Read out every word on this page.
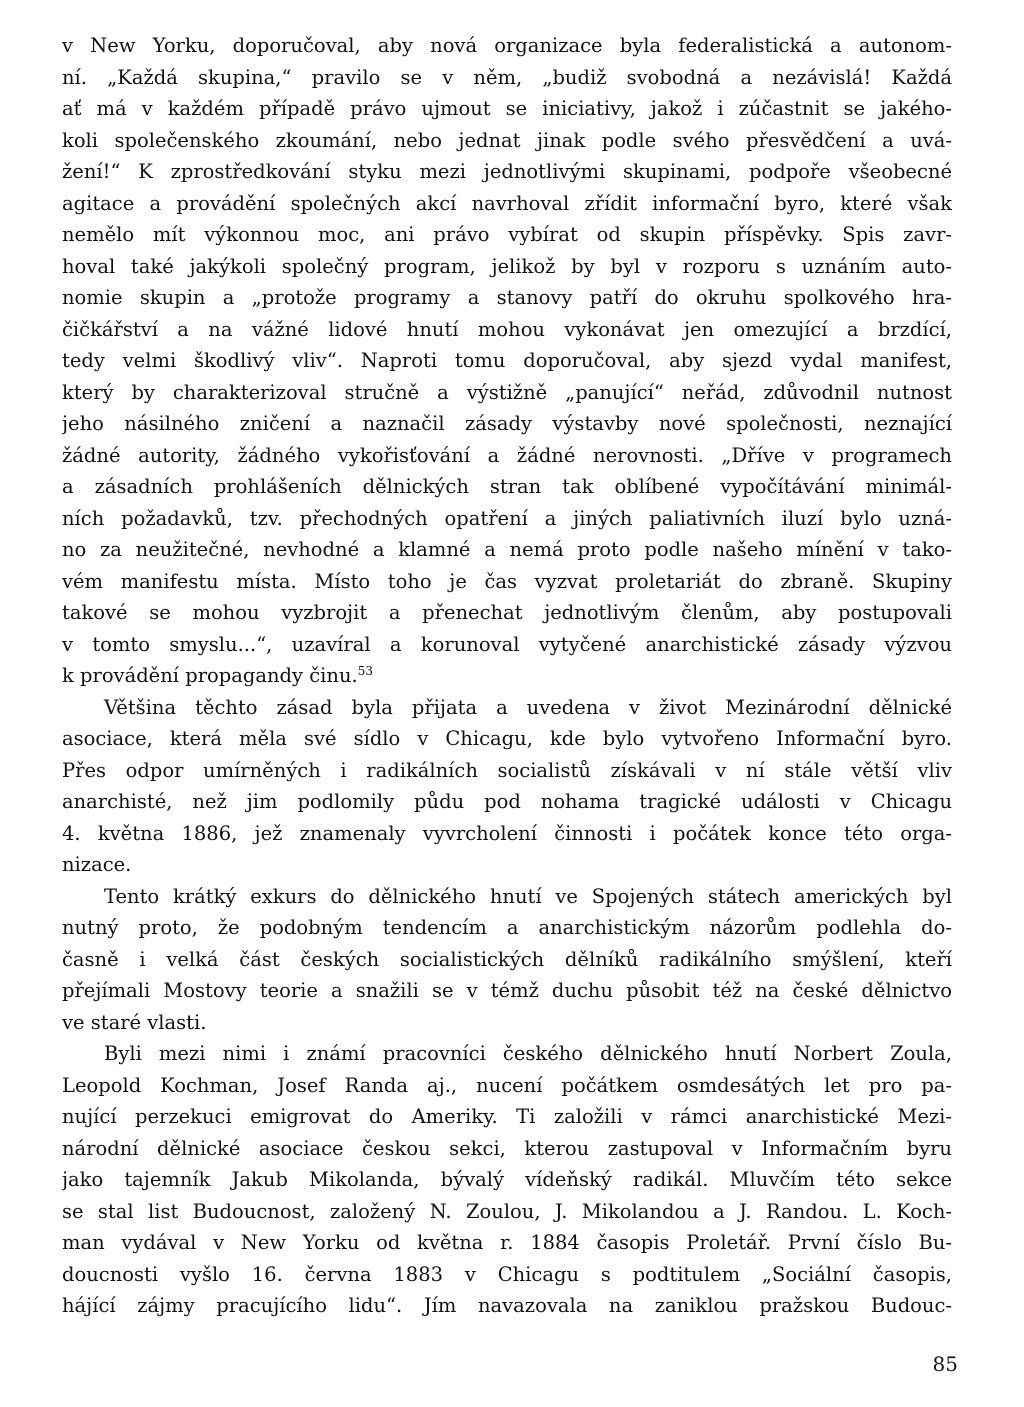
v New Yorku, doporučoval, aby nová organizace byla federalistická a autonom-
ní. „Každá skupina,“ pravilo se v něm, „budiž svobodná a nezávislá! Každá
ať má v každém případě právo ujmout se iniciativy, jakož i zúčastnit se jakého-
koli společenského zkoumání, nebo jednat jinak podle svého přesvědčení a uvá-
žení!“ K zprostředkování styku mezi jednotlivými skupinami, podpoře všeobecné
agitace a provádění společných akcí navrhoval zřídit informační byro, které však
nemělo mít výkonnou moc, ani právo vybírat od skupin příspěvky. Spis zavr-
hoval také jakýkoli společný program, jelikož by byl v rozporu s uznáním auto-
nomie skupin a „protože programy a stanovy patří do okruhu spolkového hra-
čičkářství a na vážné lidové hnutí mohou vykonávat jen omezující a brzdící,
tedy velmi škodlivý vliv“. Naproti tomu doporučoval, aby sjezd vydal manifest,
který by charakterizoval stručně a výstižně „panující“ neřád, zdůvodnil nutnost
jeho násilného zničení a naznačil zásady výstavby nové společnosti, neznající
žádné autority, žádného vykořisťování a žádné nerovnosti. „Dříve v programech
a zásadních prohlášeních dělnických stran tak oblíbené vypočítávání minimál-
ních požadavků, tzv. přechodných opatření a jiných paliativních iluzí bylo uzná-
no za neužitečné, nevhodné a klamné a nemá proto podle našeho mínění v tako-
vém manifestu místa. Místo toho je čas vyzvat proletariát do zbraně. Skupiny
takové se mohou vyzbrojit a přenechat jednotlivým členům, aby postupovali
v tomto smyslu...“, uzavíral a korunoval vytyčené anarchistické zásady výzvou
k provádění propagandy činu.$^{53}$
Většina těchto zásad byla přijata a uvedena v život Mezinárodní dělnické
asociace, která měla své sídlo v Chicagu, kde bylo vytvořeno Informační byro.
Přes odpor umírněných i radikálních socialistů získávali v ní stále větší vliv
anarchisté, než jim podlomily půdu pod nohama tragické události v Chicagu
4. května 1886, jež znamenaly vyvrcholení činnosti i počátek konce této orga-
nizace.
Tento krátký exkurs do dělnického hnutí ve Spojených státech amerických byl
nutný proto, že podobným tendencím a anarchistickým názorům podlehla do-
časně i velká část českých socialistických dělníků radikálního smýšlení, kteří
přejímali Mostovy teorie a snažili se v témž duchu působit též na české dělnictvo
ve staré vlasti.
Byli mezi nimi i známí pracovníci českého dělnického hnutí Norbert Zoula,
Leopold Kochman, Josef Randa aj., nucení počátkem osmdesátých let pro pa-
nující perzekuci emigrovat do Ameriky. Ti založili v rámci anarchistické Mezi-
národní dělnické asociace českou sekci, kterou zastupoval v Informačním byru
jako tajemník Jakub Mikolanda, bývalý vídeňský radikál. Mluvčím této sekce
se stal list Budoucnost, založený N. Zoulou, J. Mikolandou a J. Randou. L. Koch-
man vydával v New Yorku od května r. 1884 časopis Proletář. První číslo Bu-
doucnosti vyšlo 16. června 1883 v Chicagu s podtitulem „Sociální časopis,
hájící zájmy pracujícího lidu“. Jím navazovala na zaniklou pražskou Budouc-
85
